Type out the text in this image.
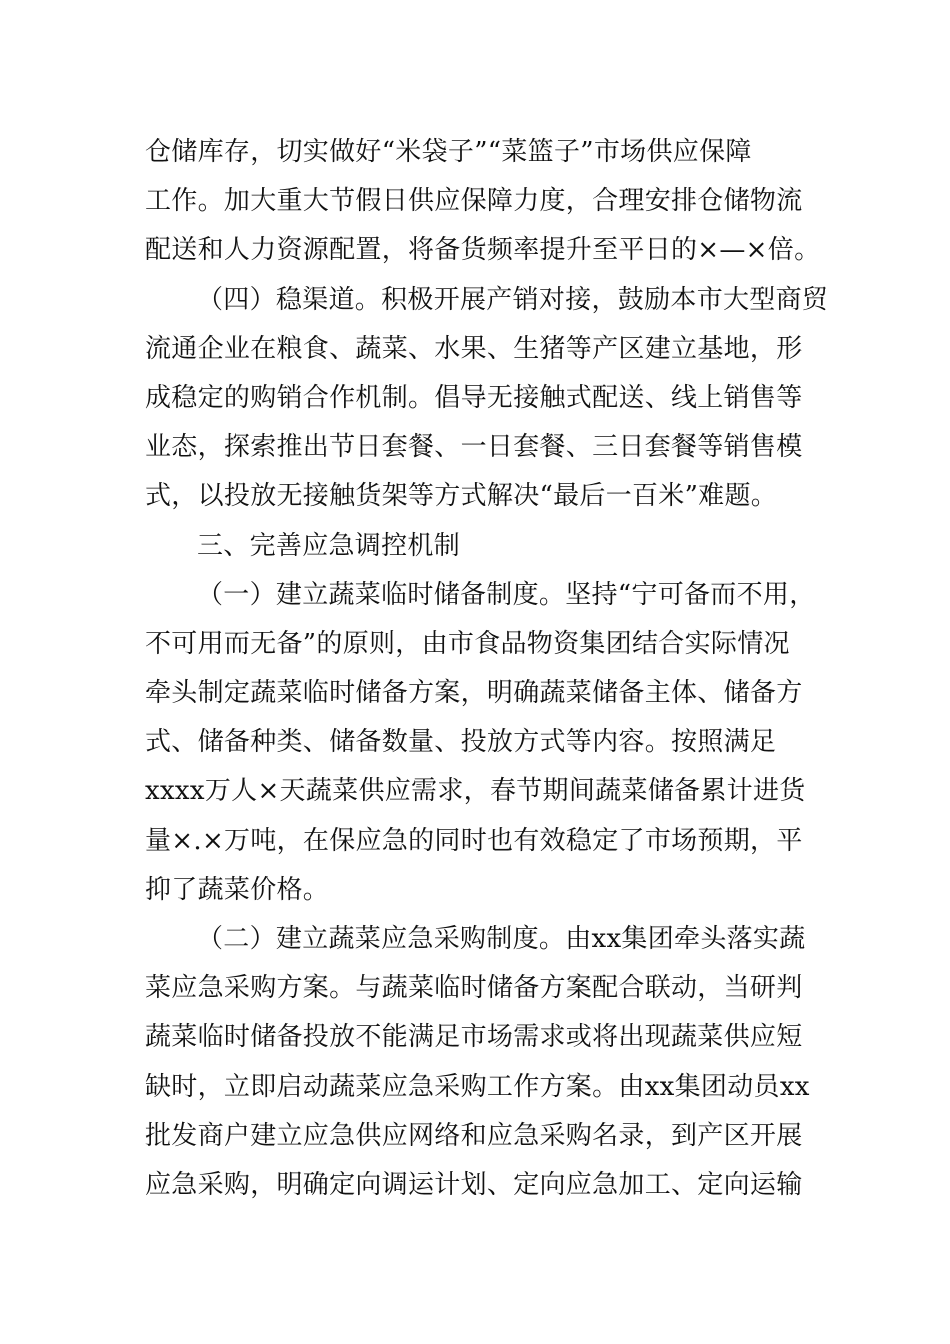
仓储库存，切实做好“米袋子”“菜篮子”市场供应保障
工作。加大重大节假日供应保障力度，合理安排仓储物流
配送和人力资源配置，将备货频率提升至平日的×—×倍。
（四）稳渠道。积极开展产销对接，鼓励本市大型商贸
流通企业在粮食、蔬菜、水果、生猪等产区建立基地，形
成稳定的购销合作机制。倡导无接触式配送、线上销售等
业态，探索推出节日套餐、一日套餐、三日套餐等销售模
式，以投放无接触货架等方式解决“最后一百米”难题。
三、完善应急调控机制
（一）建立蔬菜临时储备制度。坚持“宁可备而不用，
不可用而无备”的原则，由市食品物资集团结合实际情况
牵头制定蔬菜临时储备方案，明确蔬菜储备主体、储备方
式、储备种类、储备数量、投放方式等内容。按照满足
xxxx万人×天蔬菜供应需求，春节期间蔬菜储备累计进货
量×.×万吨，在保应急的同时也有效稳定了市场预期，平
抑了蔬菜价格。
（二）建立蔬菜应急采购制度。由xx集团牵头落实蔬
菜应急采购方案。与蔬菜临时储备方案配合联动，当研判
蔬菜临时储备投放不能满足市场需求或将出现蔬菜供应短
缺时，立即启动蔬菜应急采购工作方案。由xx集团动员xx
批发商户建立应急供应网络和应急采购名录，到产区开展
应急采购，明确定向调运计划、定向应急加工、定向运输
